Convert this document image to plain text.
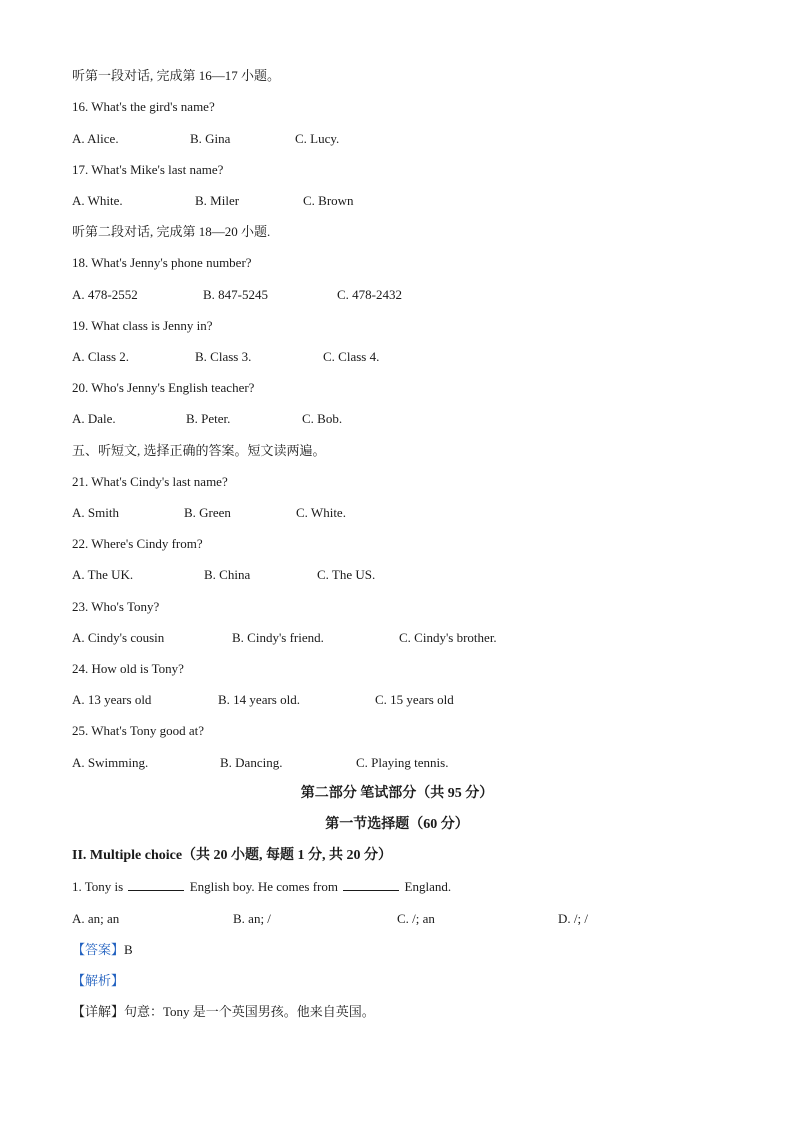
听第一段对话, 完成第 16—17 小题。
16. What's the gird's name?
A. Alice.	B. Gina	C. Lucy.
17. What's Mike's last name?
A. White.	B. Miler	C. Brown
听第二段对话, 完成第 18—20 小题.
18. What's Jenny's phone number?
A. 478-2552	B. 847-5245	C. 478-2432
19. What class is Jenny in?
A. Class 2.	B. Class 3.	C. Class 4.
20. Who's Jenny's English teacher?
A. Dale.	B. Peter.	C. Bob.
五、听短文, 选择正确的答案。短文读两遍。
21. What's Cindy's last name?
A. Smith	B. Green	C. White.
22. Where's Cindy from?
A. The UK.	B. China	C. The US.
23. Who's Tony?
A. Cindy's cousin	B. Cindy's friend.	C. Cindy's brother.
24. How old is Tony?
A. 13 years old	B. 14 years old.	C. 15 years old
25. What's Tony good at?
A. Swimming.	B. Dancing.	C. Playing tennis.
第二部分 笔试部分（共 95 分）
第一节选择题（60 分）
II. Multiple choice（共 20 小题, 每题 1 分, 共 20 分）
1. Tony is	English boy. He comes from	England.
A. an; an	B. an; /	C. /; an	D. /; /
【答案】B
【解析】
【详解】句意：Tony 是一个英国男孩。他来自英国。
